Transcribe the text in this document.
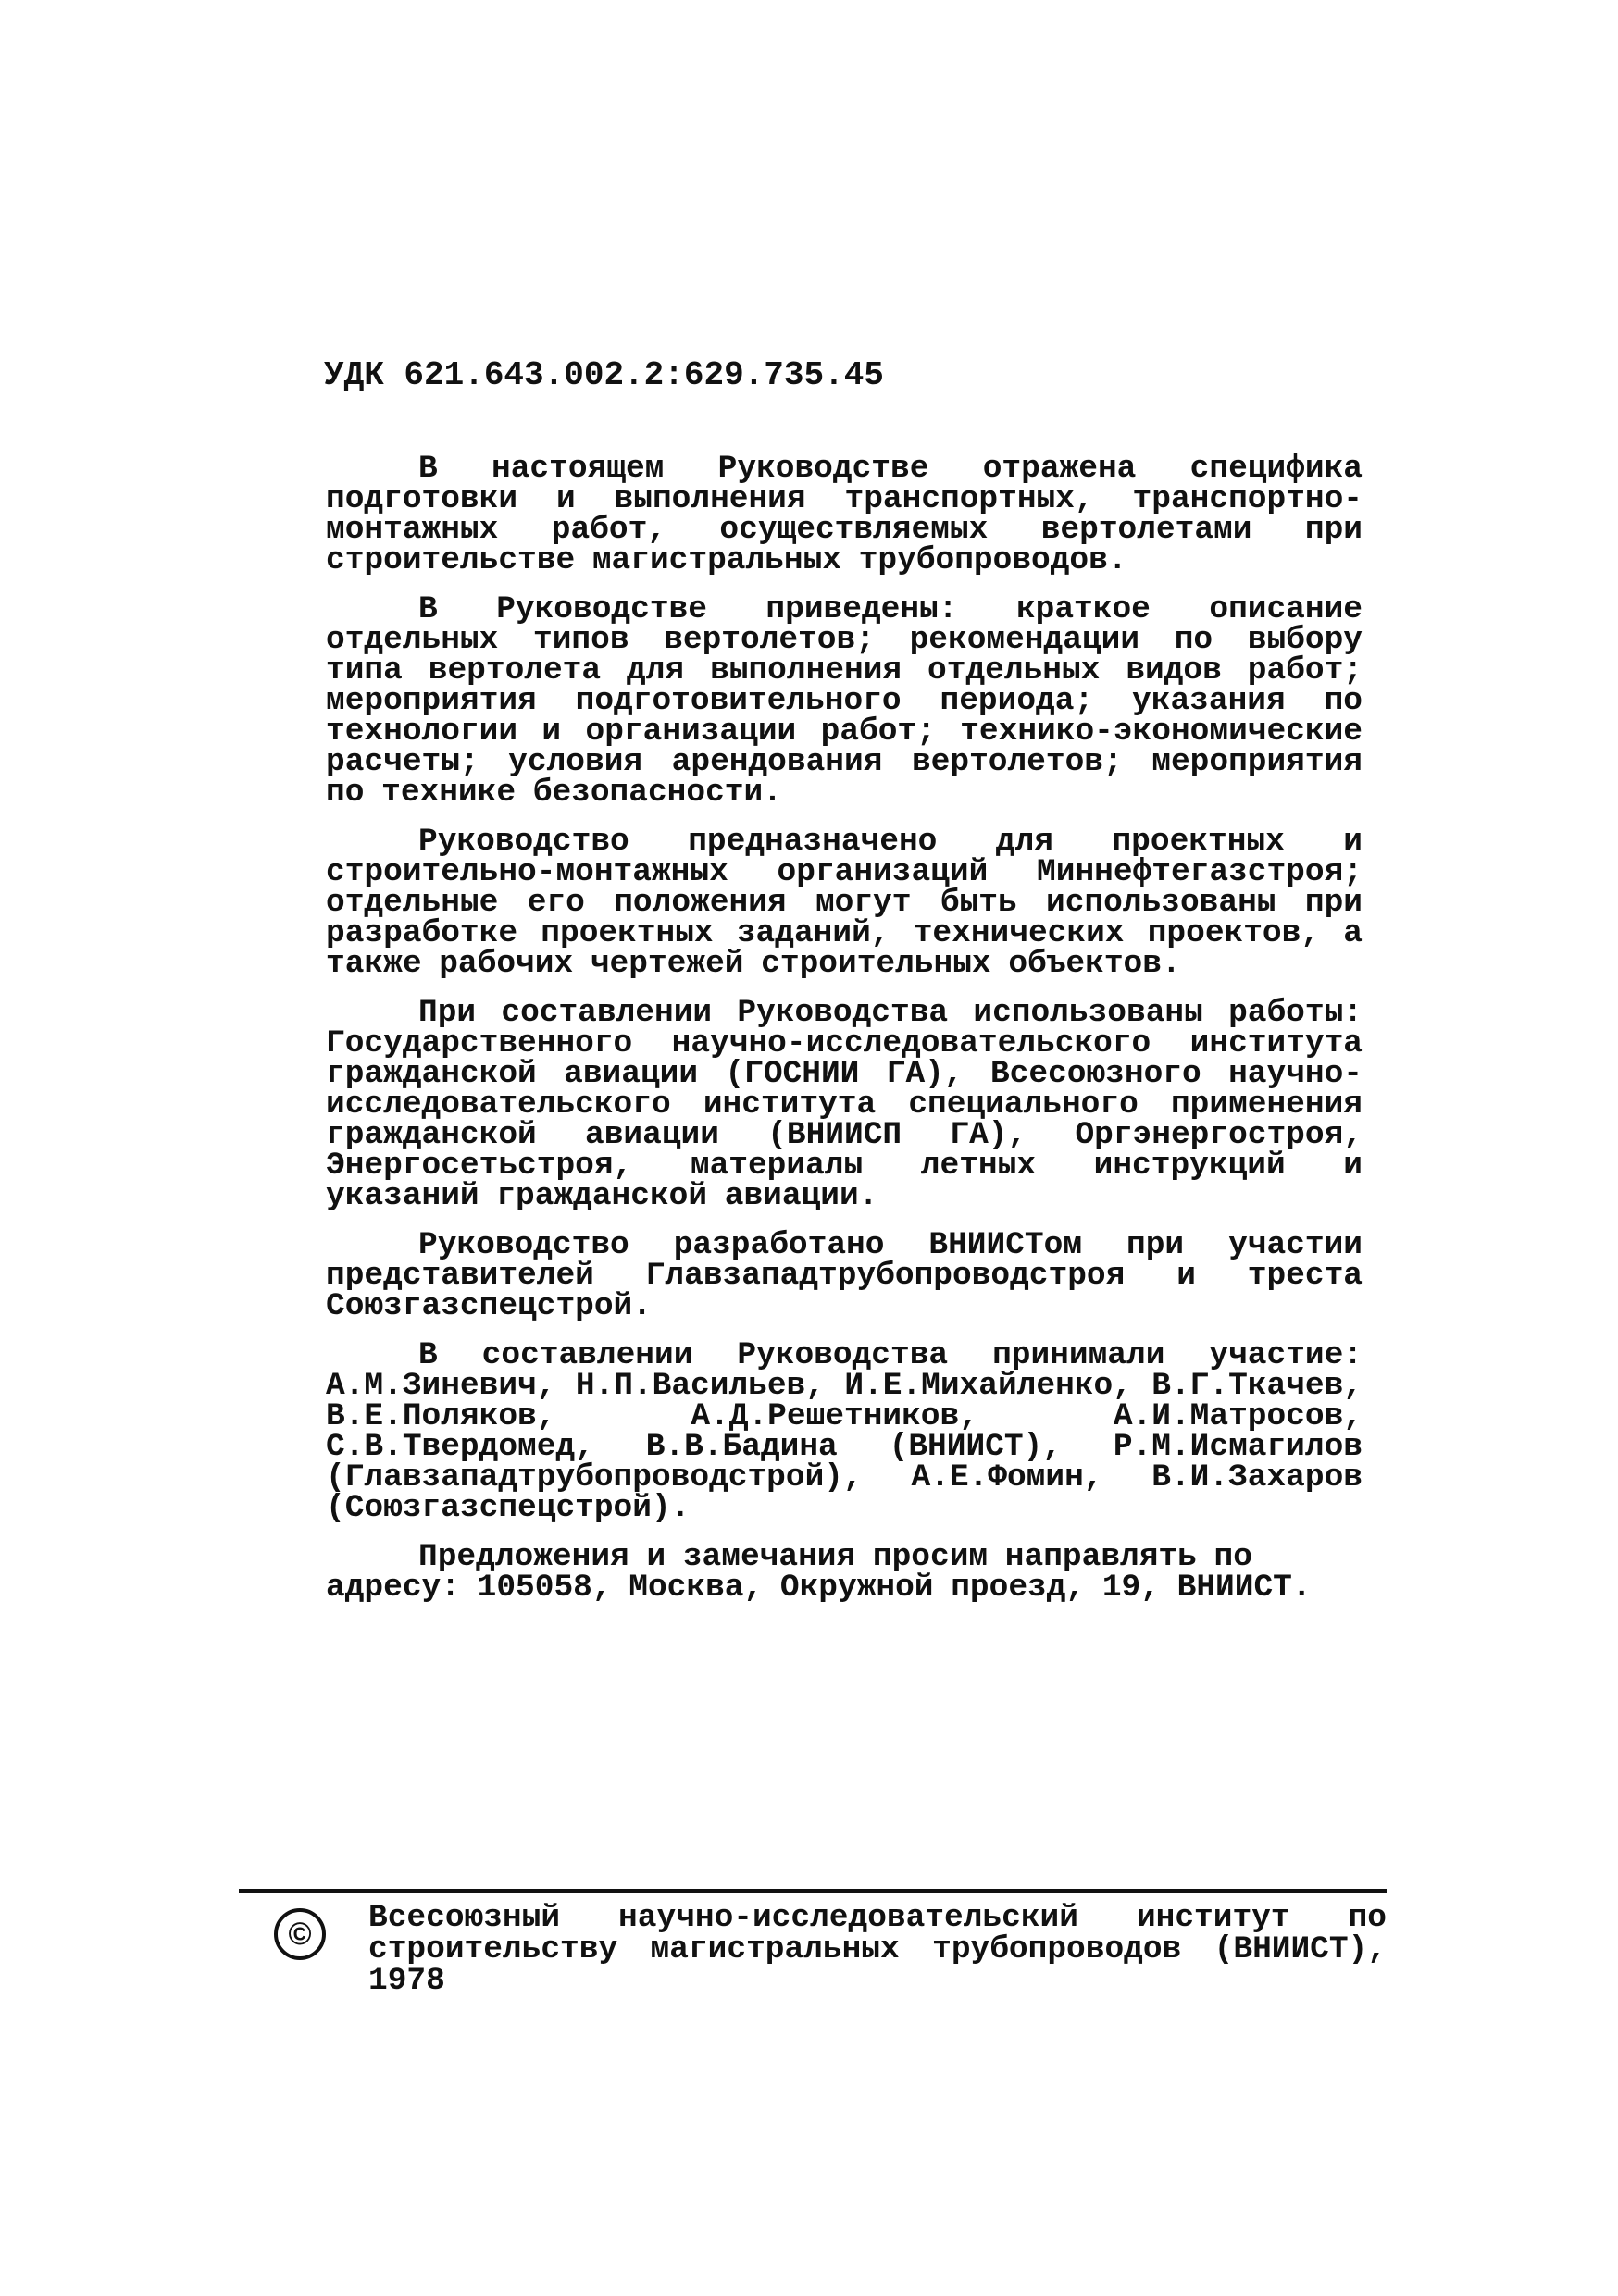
УДК 621.643.002.2:629.735.45

В настоящем Руководстве отражена специфика подготовки и выполнения транспортных, транспортно-монтажных работ, осуществляемых вертолетами при строительстве магистральных трубопроводов.

В Руководстве приведены: краткое описание отдельных типов вертолетов; рекомендации по выбору типа вертолета для выполнения отдельных видов работ; мероприятия подготовительного периода; указания по технологии и организации работ; технико-экономические расчеты; условия арендования вертолетов; мероприятия по технике безопасности.

Руководство предназначено для проектных и строительно-монтажных организаций Миннефтегазстроя; отдельные его положения могут быть использованы при разработке проектных заданий, технических проектов, а также рабочих чертежей строительных объектов.

При составлении Руководства использованы работы: Государственного научно-исследовательского института гражданской авиации (ГОСНИИ ГА), Всесоюзного научно-исследовательского института специального применения гражданской авиации (ВНИИСП ГА), Оргэнергостроя, Энергосетьстроя, материалы летных инструкций и указаний гражданской авиации.

Руководство разработано ВНИИСТом при участии представителей Главзападтрубопроводстроя и треста Союзгазспецстрой.

В составлении Руководства принимали участие: А.М.Зиневич, Н.П.Васильев, И.Е.Михайленко, В.Г.Ткачев, В.Е.Поляков, А.Д.Решетников, А.И.Матросов, С.В.Твердомед, В.В.Бадина (ВНИИСТ), Р.М.Исмагилов (Главзападтрубопроводстрой), А.Е.Фомин, В.И.Захаров (Союзгазспецстрой).

Предложения и замечания просим направлять по адресу: 105058, Москва, Окружной проезд, 19, ВНИИСТ.

©	Всесоюзный научно-исследовательский институт по строительству магистральных трубопроводов (ВНИИСТ), 1978
